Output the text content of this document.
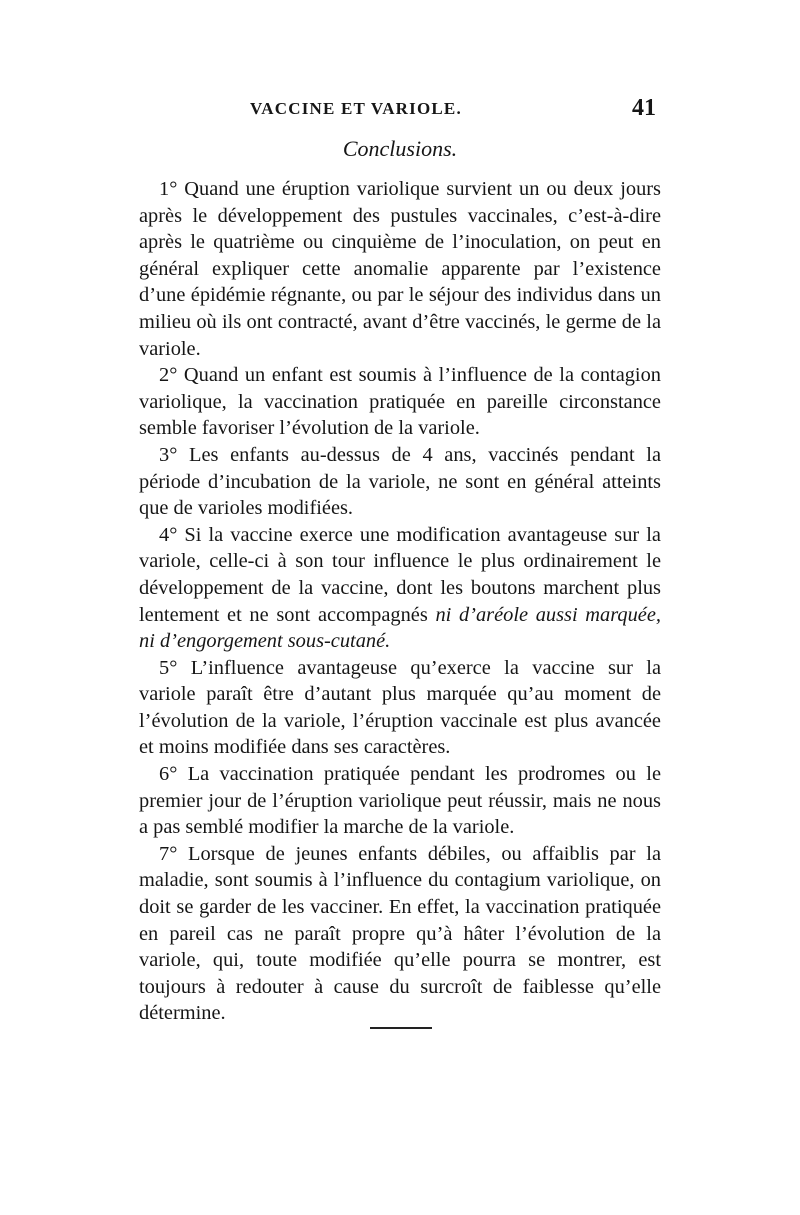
VACCINE ET VARIOLE.	41
Conclusions.

1° Quand une éruption variolique survient un ou deux jours après le développement des pustules vaccinales, c’est-à-dire après le quatrième ou cinquième de l’inoculation, on peut en général expliquer cette anomalie apparente par l’existence d’une épidémie régnante, ou par le séjour des individus dans un milieu où ils ont contracté, avant d’être vaccinés, le germe de la variole.

2° Quand un enfant est soumis à l’influence de la contagion variolique, la vaccination pratiquée en pareille circonstance semble favoriser l’évolution de la variole.

3° Les enfants au-dessus de 4 ans, vaccinés pendant la période d’incubation de la variole, ne sont en général atteints que de varioles modifiées.

4° Si la vaccine exerce une modification avantageuse sur la variole, celle-ci à son tour influence le plus ordinairement le développement de la vaccine, dont les boutons marchent plus lentement et ne sont accompagnés ni d’aréole aussi marquée, ni d’engorgement sous-cutané.

5° L’influence avantageuse qu’exerce la vaccine sur la variole paraît être d’autant plus marquée qu’au moment de l’évolution de la variole, l’éruption vaccinale est plus avancée et moins modifiée dans ses caractères.

6° La vaccination pratiquée pendant les prodromes ou le premier jour de l’éruption variolique peut réussir, mais ne nous a pas semblé modifier la marche de la variole.

7° Lorsque de jeunes enfants débiles, ou affaiblis par la maladie, sont soumis à l’influence du contagium variolique, on doit se garder de les vacciner. En effet, la vaccination pratiquée en pareil cas ne paraît propre qu’à hâter l’évolution de la variole, qui, toute modifiée qu’elle pourra se montrer, est toujours à redouter à cause du surcroît de faiblesse qu’elle détermine.
